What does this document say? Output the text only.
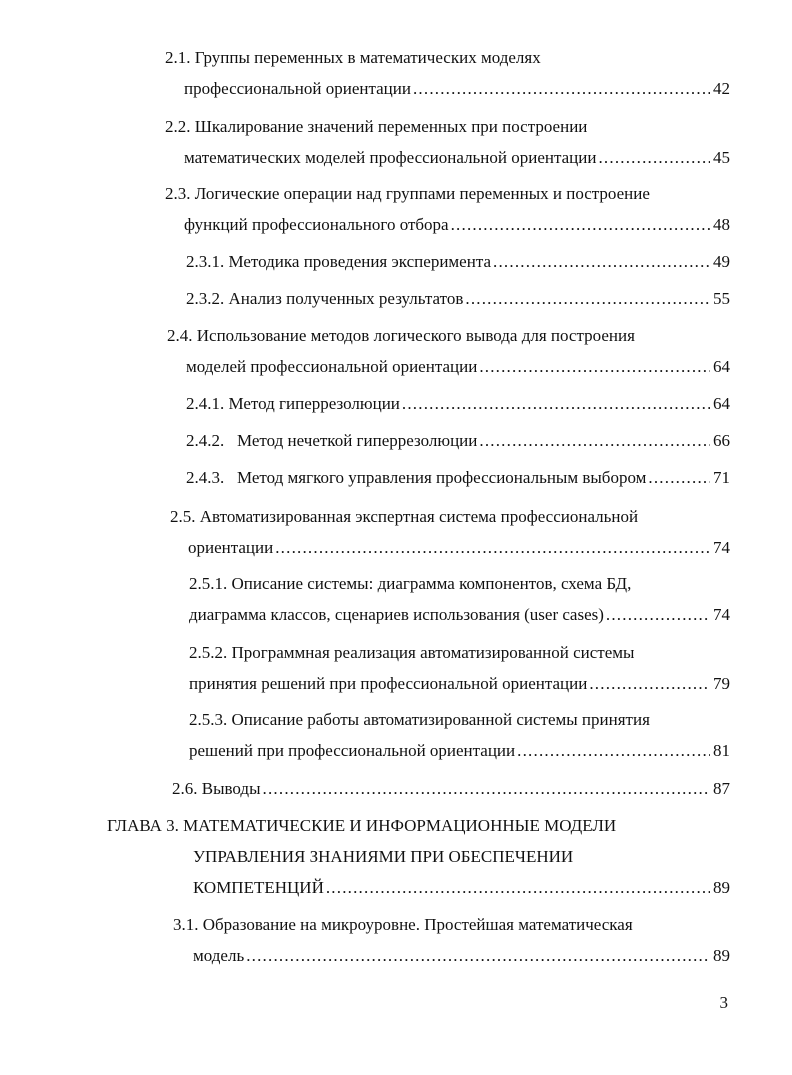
2.1. Группы переменных в математических моделях
профессиональной ориентации .....	42
2.2. Шкалирование значений переменных при построении
математических моделей профессиональной ориентации .....	45
2.3. Логические операции над группами переменных и построение
функций профессионального отбора .....	48
2.3.1. Методика проведения эксперимента .....	49
2.3.2. Анализ полученных результатов .....	55
2.4. Использование методов логического вывода для построения
моделей профессиональной ориентации .....	64
2.4.1. Метод гиперрезолюции .....	64
2.4.2.   Метод нечеткой гиперрезолюции .....	66
2.4.3.   Метод мягкого управления профессиональным выбором .....	71
2.5. Автоматизированная экспертная система профессиональной
ориентации .....	74
2.5.1. Описание системы: диаграмма компонентов, схема БД,
диаграмма классов, сценариев использования (user cases) .....	74
2.5.2. Программная реализация автоматизированной системы
принятия решений при профессиональной ориентации .....	79
2.5.3. Описание работы автоматизированной системы принятия
решений при профессиональной ориентации .....	81
2.6. Выводы .....	87
ГЛАВА 3. МАТЕМАТИЧЕСКИЕ И ИНФОРМАЦИОННЫЕ МОДЕЛИ
УПРАВЛЕНИЯ ЗНАНИЯМИ ПРИ ОБЕСПЕЧЕНИИ
КОМПЕТЕНЦИЙ .....	89
3.1. Образование на микроуровне. Простейшая математическая
модель .....	89
3
